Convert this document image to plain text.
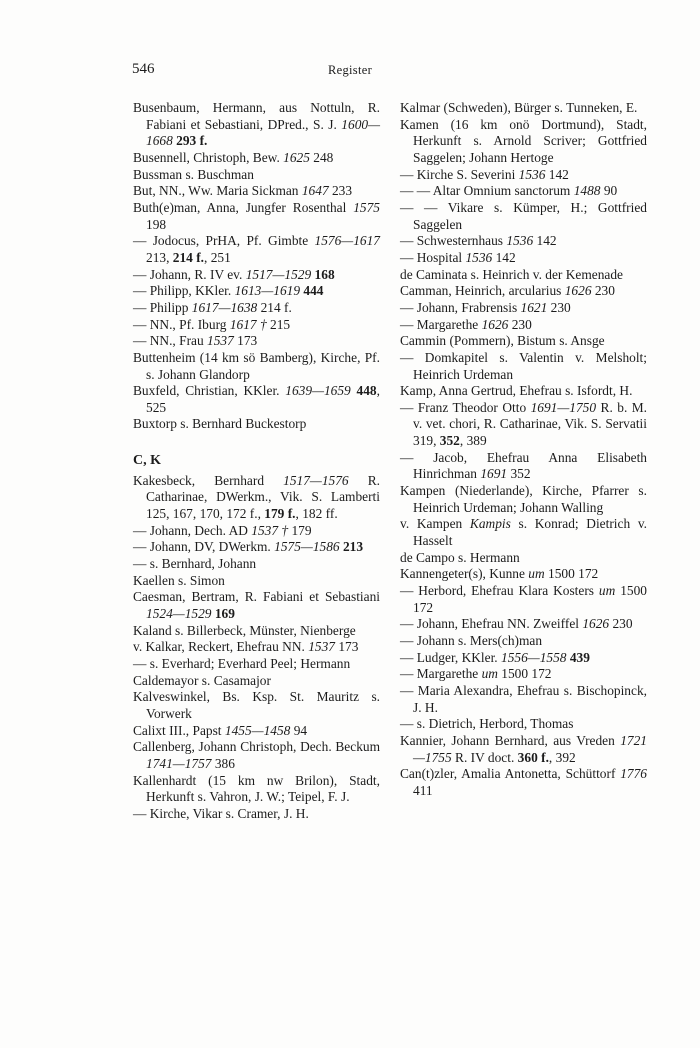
546	Register
Busenbaum, Hermann, aus Nottuln, R. Fabiani et Sebastiani, DPred., S. J. 1600—1668 293 f.
Busennell, Christoph, Bew. 1625 248
Bussman s. Buschman
But, NN., Ww. Maria Sickman 1647 233
Buth(e)man, Anna, Jungfer Rosenthal 1575 198
— Jodocus, PrHA, Pf. Gimbte 1576—1617 213, 214 f., 251
— Johann, R. IV ev. 1517—1529 168
— Philipp, KKler. 1613—1619 444
— Philipp 1617—1638 214 f.
— NN., Pf. Iburg 1617 † 215
— NN., Frau 1537 173
Buttenheim (14 km sö Bamberg), Kirche, Pf. s. Johann Glandorp
Buxfeld, Christian, KKler. 1639—1659 448, 525
Buxtorp s. Bernhard Buckestorp
C, K
Kakesbeck, Bernhard 1517—1576 R. Catharinae, DWerkm., Vik. S. Lamberti 125, 167, 170, 172 f., 179 f., 182 ff.
— Johann, Dech. AD 1537 † 179
— Johann, DV, DWerkm. 1575—1586 213
— s. Bernhard, Johann
Kaellen s. Simon
Caesman, Bertram, R. Fabiani et Sebastiani 1524—1529 169
Kaland s. Billerbeck, Münster, Nienberge
v. Kalkar, Reckert, Ehefrau NN. 1537 173
— s. Everhard; Everhard Peel; Hermann
Caldemayor s. Casamajor
Kalveswinkel, Bs. Ksp. St. Mauritz s. Vorwerk
Calixt III., Papst 1455—1458 94
Callenberg, Johann Christoph, Dech. Beckum 1741—1757 386
Kallenhardt (15 km nw Brilon), Stadt, Herkunft s. Vahron, J. W.; Teipel, F. J.
— Kirche, Vikar s. Cramer, J. H.
Kalmar (Schweden), Bürger s. Tunneken, E.
Kamen (16 km onö Dortmund), Stadt, Herkunft s. Arnold Scriver; Gottfried Saggelen; Johann Hertoge
— Kirche S. Severini 1536 142
— — Altar Omnium sanctorum 1488 90
— — Vikare s. Kümper, H.; Gottfried Saggelen
— Schwesternhaus 1536 142
— Hospital 1536 142
de Caminata s. Heinrich v. der Kemenade
Camman, Heinrich, arcularius 1626 230
— Johann, Frabrensis 1621 230
— Margarethe 1626 230
Cammin (Pommern), Bistum s. Ansge
— Domkapitel s. Valentin v. Melsholt; Heinrich Urdeman
Kamp, Anna Gertrud, Ehefrau s. Isfordt, H.
— Franz Theodor Otto 1691—1750 R. b. M. v. vet. chori, R. Catharinae, Vik. S. Servatii 319, 352, 389
— Jacob, Ehefrau Anna Elisabeth Hinrichman 1691 352
Kampen (Niederlande), Kirche, Pfarrer s. Heinrich Urdeman; Johann Walling
v. Kampen Kampis s. Konrad; Dietrich v. Hasselt
de Campo s. Hermann
Kannengeter(s), Kunne um 1500 172
— Herbord, Ehefrau Klara Kosters um 1500 172
— Johann, Ehefrau NN. Zweiffel 1626 230
— Johann s. Mers(ch)man
— Ludger, KKler. 1556—1558 439
— Margarethe um 1500 172
— Maria Alexandra, Ehefrau s. Bischopinck, J. H.
— s. Dietrich, Herbord, Thomas
Kannier, Johann Bernhard, aus Vreden 1721—1755 R. IV doct. 360 f., 392
Can(t)zler, Amalia Antonetta, Schüttorf 1776 411
